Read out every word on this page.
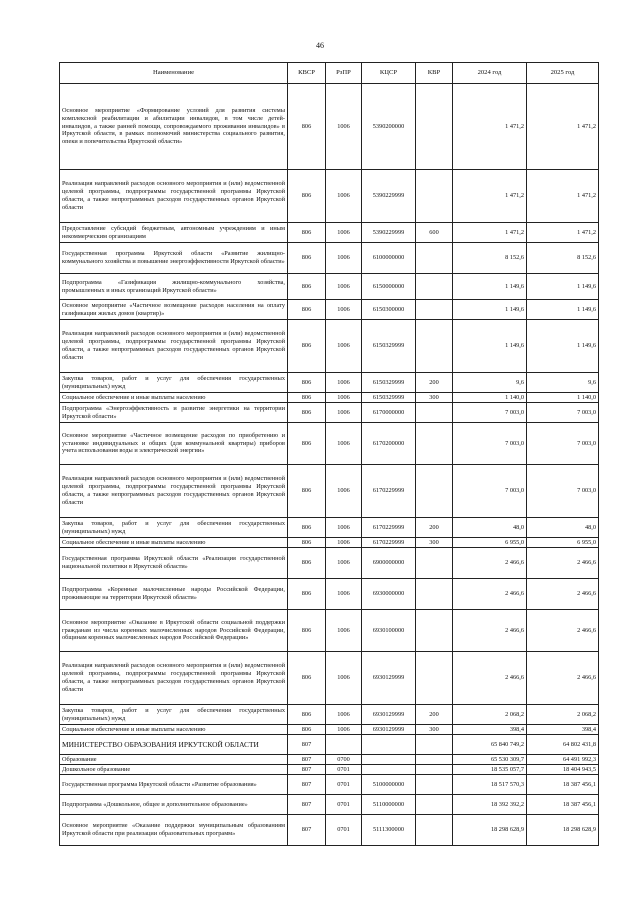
46
Наименование	КВСР	РзПР	КЦСР	КВР	2024 год	2025 год
Основное мероприятие «Формирование условий для развития системы комплексной реабилитации и абилитации инвалидов, в том числе детей-инвалидов, а также ранней помощи, сопровождаемого проживания инвалидов» в Иркутской области, в рамках полномочий министерства социального развития, опеки и попечительства Иркутской области»	806	1006	5390200000		1 471,2	1 471,2
Реализация направлений расходов основного мероприятия и (или) ведомственной целевой программы, подпрограммы государственной программы Иркутской области, а также непрограммных расходов государственных органов Иркутской области	806	1006	5390229999		1 471,2	1 471,2
Предоставление субсидий бюджетным, автономным учреждениям и иным некоммерческим организациям	806	1006	5390229999	600	1 471,2	1 471,2
Государственная программа Иркутской области «Развитие жилищно-коммунального хозяйства и повышение энергоэффективности Иркутской области»	806	1006	6100000000		8 152,6	8 152,6
Подпрограмма «Газификация жилищно-коммунального хозяйства, промышленных и иных организаций Иркутской области»	806	1006	6150000000		1 149,6	1 149,6
Основное мероприятие «Частичное возмещение расходов населения на оплату газификации жилых домов (квартир)»	806	1006	6150300000		1 149,6	1 149,6
Реализация направлений расходов основного мероприятия и (или) ведомственной целевой программы, подпрограммы государственной программы Иркутской области, а также непрограммных расходов государственных органов Иркутской области	806	1006	6150329999		1 149,6	1 149,6
Закупка товаров, работ и услуг для обеспечения государственных (муниципальных) нужд	806	1006	6150329999	200	9,6	9,6
Социальное обеспечение и иные выплаты населению	806	1006	6150329999	300	1 140,0	1 140,0
Подпрограмма «Энергоэффективность и развитие энергетики на территории Иркутской области»	806	1006	6170000000		7 003,0	7 003,0
Основное мероприятие «Частичное возмещение расходов по приобретению и установке индивидуальных и общих (для коммунальной квартиры) приборов учета использования воды и электрической энергии»	806	1006	6170200000		7 003,0	7 003,0
Реализация направлений расходов основного мероприятия и (или) ведомственной целевой программы, подпрограммы государственной программы Иркутской области, а также непрограммных расходов государственных органов Иркутской области	806	1006	6170229999		7 003,0	7 003,0
Закупка товаров, работ и услуг для обеспечения государственных (муниципальных) нужд	806	1006	6170229999	200	48,0	48,0
Социальное обеспечение и иные выплаты населению	806	1006	6170229999	300	6 955,0	6 955,0
Государственная программа Иркутской области «Реализация государственной национальной политики в Иркутской области»	806	1006	6900000000		2 466,6	2 466,6
Подпрограмма «Коренные малочисленные народы Российской Федерации, проживающие на территории Иркутской области»	806	1006	6930000000		2 466,6	2 466,6
Основное мероприятие «Оказание в Иркутской области социальной поддержки гражданам из числа коренных малочисленных народов Российской Федерации, общинам коренных малочисленных народов Российской Федерации»	806	1006	6930100000		2 466,6	2 466,6
Реализация направлений расходов основного мероприятия и (или) ведомственной целевой программы, подпрограммы государственной программы Иркутской области, а также непрограммных расходов государственных органов Иркутской области	806	1006	6930129999		2 466,6	2 466,6
Закупка товаров, работ и услуг для обеспечения государственных (муниципальных) нужд	806	1006	6930129999	200	2 068,2	2 068,2
Социальное обеспечение и иные выплаты населению	806	1006	6930129999	300	398,4	398,4
МИНИСТЕРСТВО ОБРАЗОВАНИЯ ИРКУТСКОЙ ОБЛАСТИ	807				65 840 749,2	64 802 431,8
Образование	807	0700			65 530 309,7	64 491 992,3
Дошкольное образование	807	0701			18 535 057,7	18 404 943,5
Государственная программа Иркутской области «Развитие образования»	807	0701	5100000000		18 517 570,3	18 387 456,1
Подпрограмма «Дошкольное, общее и дополнительное образование»	807	0701	5110000000		18 392 392,2	18 387 456,1
Основное мероприятие «Оказание поддержки муниципальным образованиям Иркутской области при реализации образовательных программ»	807	0701	5111300000		18 298 628,9	18 298 628,9
